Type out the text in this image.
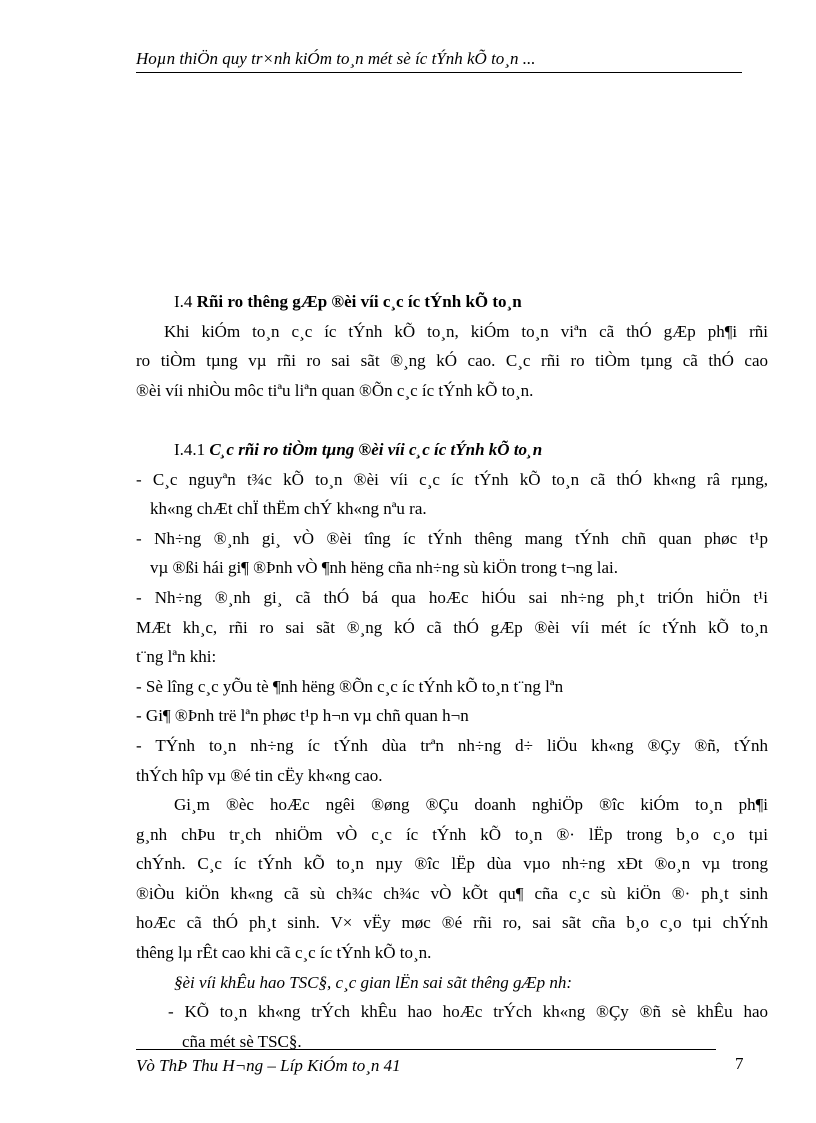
Hoµn thiÖn quy tr×nh kiÓm to¸n mét sè íc tÝnh kÕ to¸n ...

I.4 Rñi ro thêng gÆp ®èi víi c¸c íc tÝnh kÕ to¸n

Khi kiÓm to¸n c¸c íc tÝnh kÕ to¸n, kiÓm to¸n viªn cã thÓ gÆp ph¶i rñi

ro tiÒm tµng vµ rñi ro sai sãt ®¸ng kÓ cao. C¸c rñi ro tiÒm tµng cã thÓ cao

®èi víi nhiÒu môc tiªu liªn quan ®Õn c¸c íc tÝnh kÕ to¸n.

I.4.1 C¸c rñi ro tiÒm tµng ®èi víi c¸c íc tÝnh kÕ to¸n

- C¸c nguyªn t¾c kÕ to¸n ®èi víi c¸c íc tÝnh kÕ to¸n cã thÓ kh«ng râ rµng,

kh«ng chÆt chÏ thËm chÝ kh«ng nªu ra.

- Nh÷ng ®¸nh gi¸ vÒ ®èi tîng íc tÝnh thêng mang tÝnh chñ quan phøc t¹p

vµ ®ßi hái gi¶ ®Þnh vÒ ¶nh hëng cña nh÷ng sù kiÖn trong t¬ng lai.

- Nh÷ng ®¸nh gi¸ cã thÓ bá qua hoÆc hiÓu sai nh÷ng ph¸t triÓn hiÖn t¹i

MÆt kh¸c, rñi ro sai sãt ®¸ng kÓ cã thÓ gÆp ®èi víi mét íc tÝnh kÕ to¸n

t¨ng lªn khi:

- Sè lîng c¸c yÕu tè ¶nh hëng ®Õn c¸c íc tÝnh kÕ to¸n t¨ng lªn

- Gi¶ ®Þnh trë lªn phøc t¹p h¬n vµ chñ quan h¬n

- TÝnh to¸n nh÷ng íc tÝnh dùa trªn nh÷ng d÷ liÖu kh«ng ®Çy ®ñ, tÝnh

thÝch hîp vµ ®é tin cËy kh«ng cao.

Gi¸m ®èc hoÆc ngêi ®øng ®Çu doanh nghiÖp ®îc kiÓm to¸n ph¶i

g¸nh chÞu tr¸ch nhiÖm vÒ c¸c íc tÝnh kÕ to¸n ®· lËp trong b¸o c¸o tµi

chÝnh. C¸c íc tÝnh kÕ to¸n nµy ®îc lËp dùa vµo nh÷ng xÐt ®o¸n vµ trong

®iÒu kiÖn kh«ng cã sù ch¾c ch¾c vÒ kÕt qu¶ cña c¸c sù kiÖn ®· ph¸t sinh

hoÆc cã thÓ ph¸t sinh. V× vËy møc ®é rñi ro, sai sãt cña b¸o c¸o tµi chÝnh

thêng lµ rÊt cao khi cã c¸c íc tÝnh kÕ to¸n.

§èi víi khÊu hao TSC§, c¸c gian lËn sai sãt thêng gÆp nh:

- KÕ to¸n kh«ng trÝch khÊu hao hoÆc trÝch kh«ng ®Çy ®ñ sè khÊu hao

cña mét sè TSC§.

Vò ThÞ Thu H¬ng – Líp KiÓm to¸n 41	7
